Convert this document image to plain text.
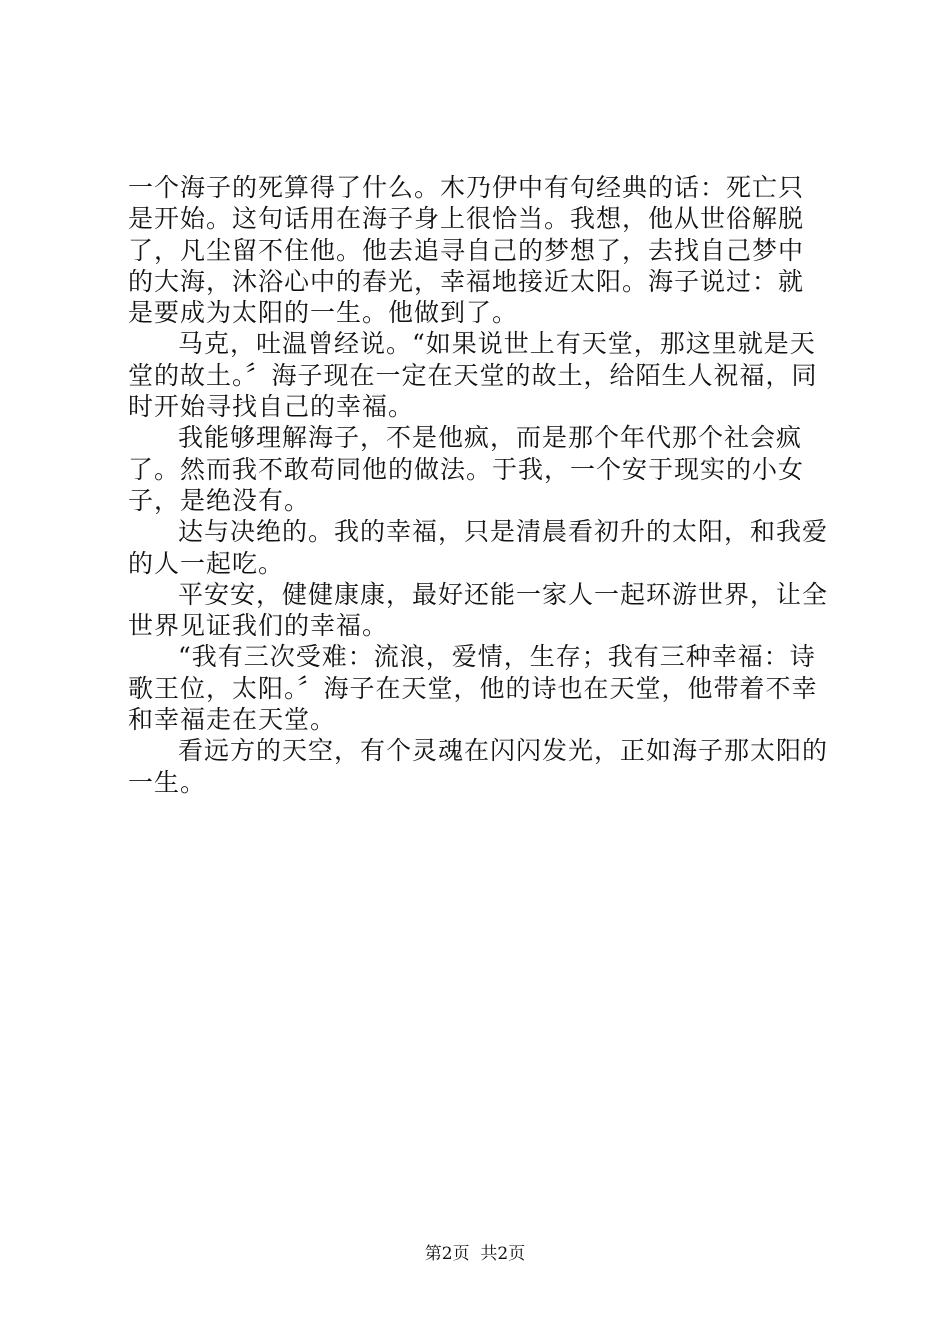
一个海子的死算得了什么。木乃伊中有句经典的话：死亡只是开始。这句话用在海子身上很恰当。我想，他从世俗解脱了，凡尘留不住他。他去追寻自己的梦想了，去找自己梦中的大海，沐浴心中的春光，幸福地接近太阳。海子说过：就是要成为太阳的一生。他做到了。

马克，吐温曾经说。“如果说世上有天堂，那这里就是天堂的故土。〞海子现在一定在天堂的故土，给陌生人祝福，同时开始寻找自己的幸福。

我能够理解海子，不是他疯，而是那个年代那个社会疯了。然而我不敢苟同他的做法。于我，一个安于现实的小女子，是绝没有。

达与决绝的。我的幸福，只是清晨看初升的太阳，和我爱的人一起吃。

平安安，健健康康，最好还能一家人一起环游世界，让全世界见证我们的幸福。

“我有三次受难：流浪，爱情，生存；我有三种幸福：诗歌王位，太阳。〞海子在天堂，他的诗也在天堂，他带着不幸和幸福走在天堂。

看远方的天空，有个灵魂在闪闪发光，正如海子那太阳的一生。

第2页 共2页
